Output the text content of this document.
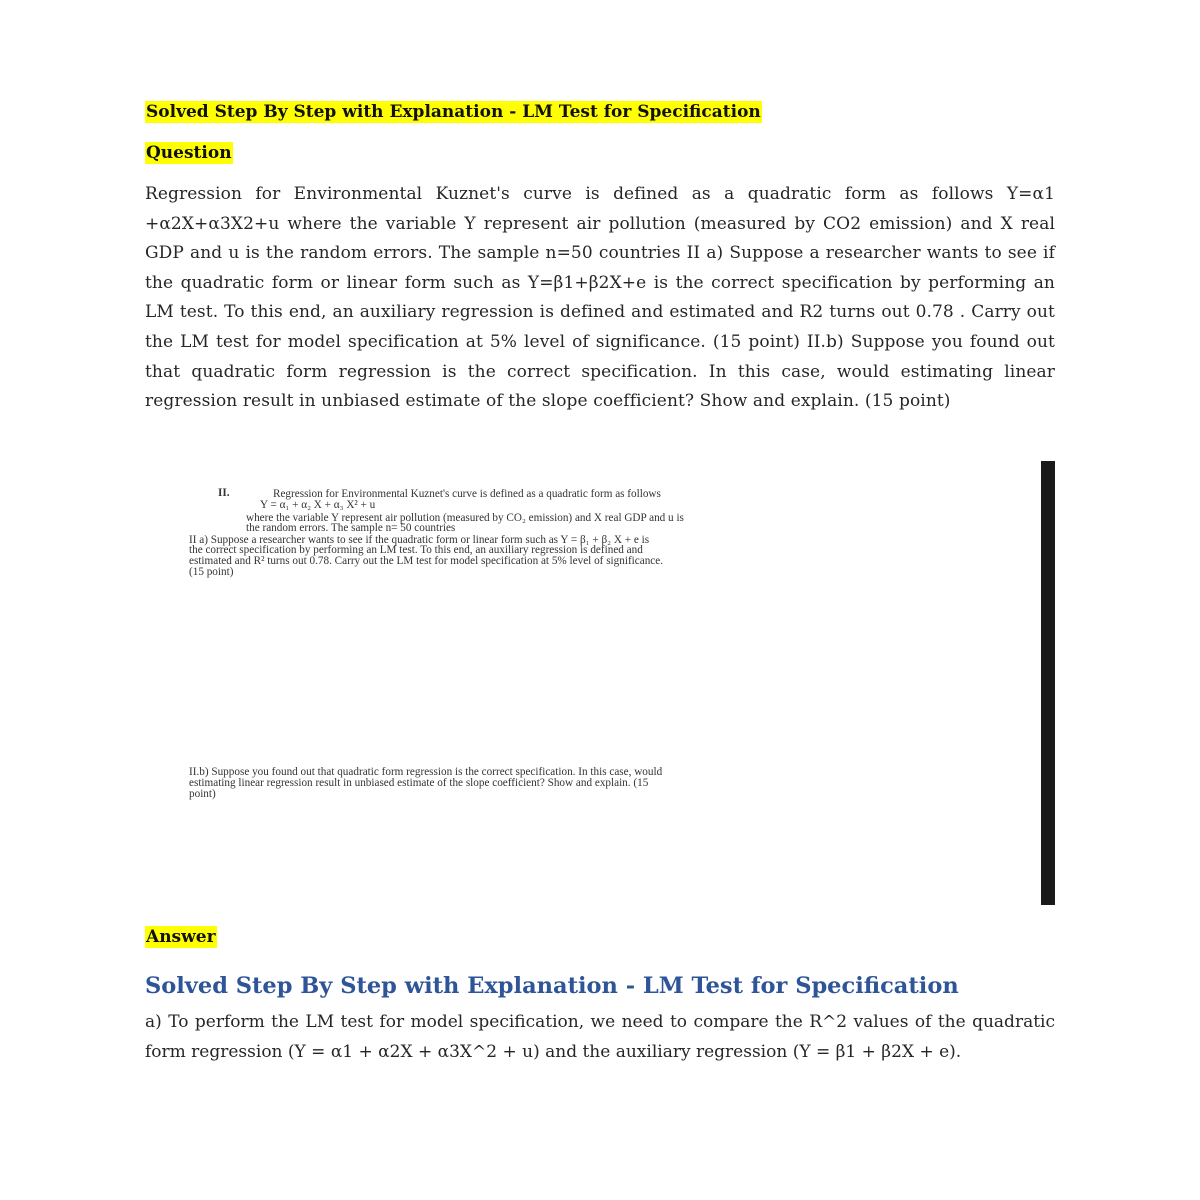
Solved Step By Step with Explanation - LM Test for Specification
Question

Regression for Environmental Kuznet's curve is defined as a quadratic form as follows Y=α1 +α2X+α3X2+u where the variable Y represent air pollution (measured by CO2 emission) and X real GDP and u is the random errors. The sample n=50 countries II a) Suppose a researcher wants to see if the quadratic form or linear form such as Y=β1+β2X+e is the correct specification by performing an LM test. To this end, an auxiliary regression is defined and estimated and R2 turns out 0.78 . Carry out the LM test for model specification at 5% level of significance. (15 point) II.b) Suppose you found out that quadratic form regression is the correct specification. In this case, would estimating linear regression result in unbiased estimate of the slope coefficient? Show and explain. (15 point)

II.	Regression for Environmental Kuznet's curve is defined as a quadratic form as follows
Y = α₁ + α₂ X + α₃ X² + u
where the variable Y represent air pollution (measured by CO₂ emission) and X real GDP and u is
the random errors. The sample n= 50 countries
II a) Suppose a researcher wants to see if the quadratic form or linear form such as Y = β₁ + β₂ X + e is
the correct specification by performing an LM test. To this end, an auxiliary regression is defined and
estimated and R² turns out 0.78. Carry out the LM test for model specification at 5% level of significance.
(15 point)
II.b) Suppose you found out that quadratic form regression is the correct specification. In this case, would
estimating linear regression result in unbiased estimate of the slope coefficient? Show and explain. (15
point)
Answer
Solved Step By Step with Explanation - LM Test for Specification

a) To perform the LM test for model specification, we need to compare the R^2 values of the quadratic form regression (Y = α1 + α2X + α3X^2 + u) and the auxiliary regression (Y = β1 + β2X + e).
